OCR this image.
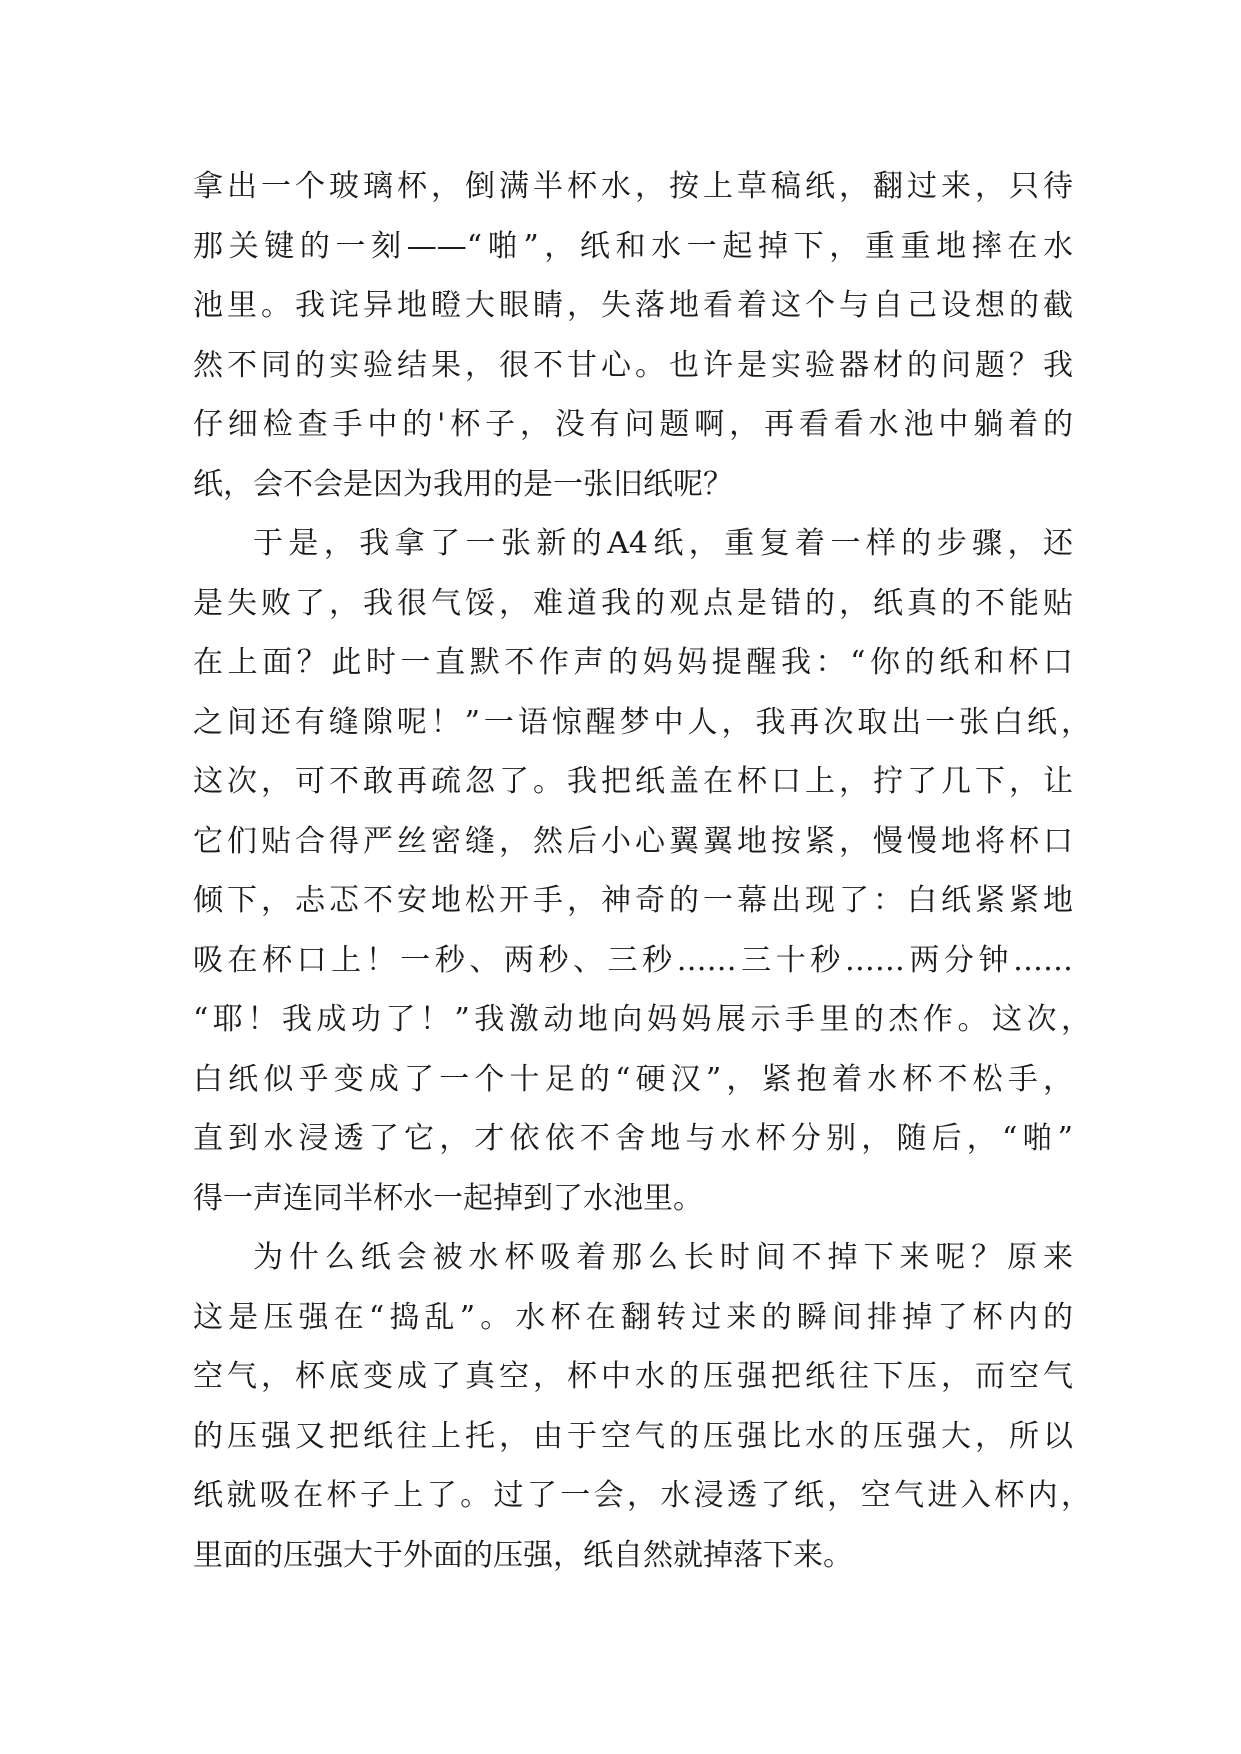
拿出一个玻璃杯，倒满半杯水，按上草稿纸，翻过来，只待

那关键的一刻——“啪”，纸和水一起掉下，重重地摔在水

池里。我诧异地瞪大眼睛，失落地看着这个与自己设想的截

然不同的实验结果，很不甘心。也许是实验器材的问题？我

仔细检查手中的'杯子，没有问题啊，再看看水池中躺着的

纸，会不会是因为我用的是一张旧纸呢？

于是，我拿了一张新的A4纸，重复着一样的步骤，还

是失败了，我很气馁，难道我的观点是错的，纸真的不能贴

在上面？此时一直默不作声的妈妈提醒我：“你的纸和杯口

之间还有缝隙呢！”一语惊醒梦中人，我再次取出一张白纸，

这次，可不敢再疏忽了。我把纸盖在杯口上，拧了几下，让

它们贴合得严丝密缝，然后小心翼翼地按紧，慢慢地将杯口

倾下，忐忑不安地松开手，神奇的一幕出现了：白纸紧紧地

吸在杯口上！一秒、两秒、三秒……三十秒……两分钟……

“耶！我成功了！”我激动地向妈妈展示手里的杰作。这次，

白纸似乎变成了一个十足的“硬汉”，紧抱着水杯不松手，

直到水浸透了它，才依依不舍地与水杯分别，随后，“啪”

得一声连同半杯水一起掉到了水池里。

为什么纸会被水杯吸着那么长时间不掉下来呢？原来

这是压强在“捣乱”。水杯在翻转过来的瞬间排掉了杯内的

空气，杯底变成了真空，杯中水的压强把纸往下压，而空气

的压强又把纸往上托，由于空气的压强比水的压强大，所以

纸就吸在杯子上了。过了一会，水浸透了纸，空气进入杯内，

里面的压强大于外面的压强，纸自然就掉落下来。
